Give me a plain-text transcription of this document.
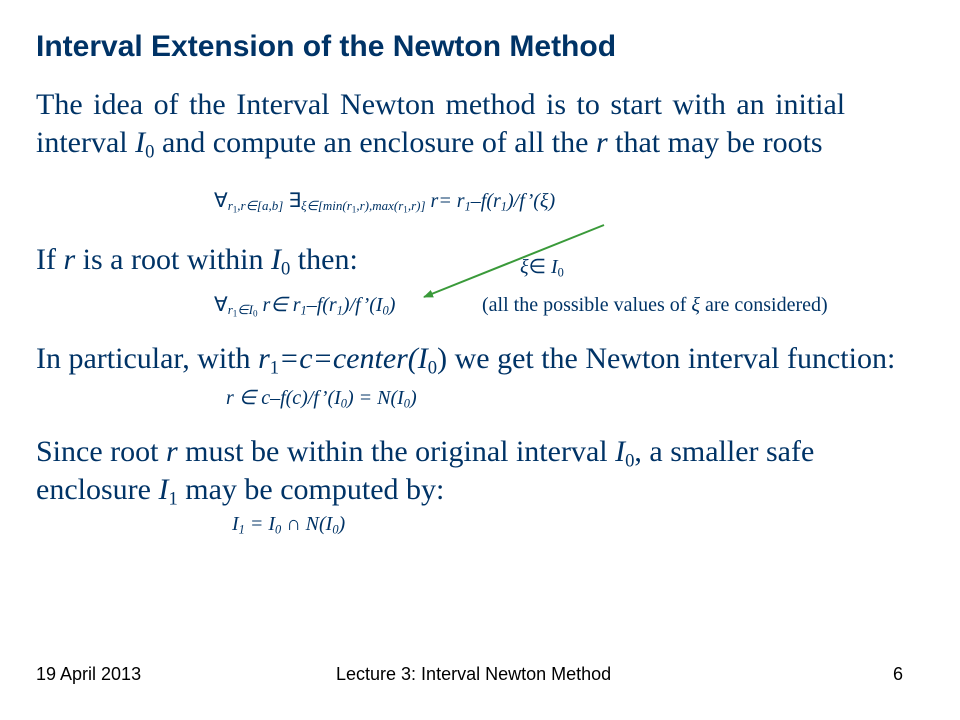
Interval Extension of the Newton Method
The idea of the Interval Newton method is to start with an initial
interval $I_0$ and compute an enclosure of all the r that may be roots
$\forall r_1,r\in[a,b]$ $\exists\xi\in[\min(r_1,r),\max(r_1,r)]$ $r= r_1-f(r_1)/f’(\xi)$
If r is a root within $I_0$ then:	ξ∈ $I_0$
$\forall r_1\in I_0$ r∈ $r_1-f(r_1)/f’(I_0)$	(all the possible values of ξ are considered)
In particular, with $r_1=c=center(I_0)$ we get the Newton interval function:
r ∈ $c-f(c)/f’(I_0) = N(I_0)$
Since root r must be within the original interval $I_0$, a smaller safe
enclosure $I_1$ may be computed by:
$I_1 = I_0$ ∩ $N(I_0)$
19 April 2013	Lecture 3: Interval Newton Method	6
